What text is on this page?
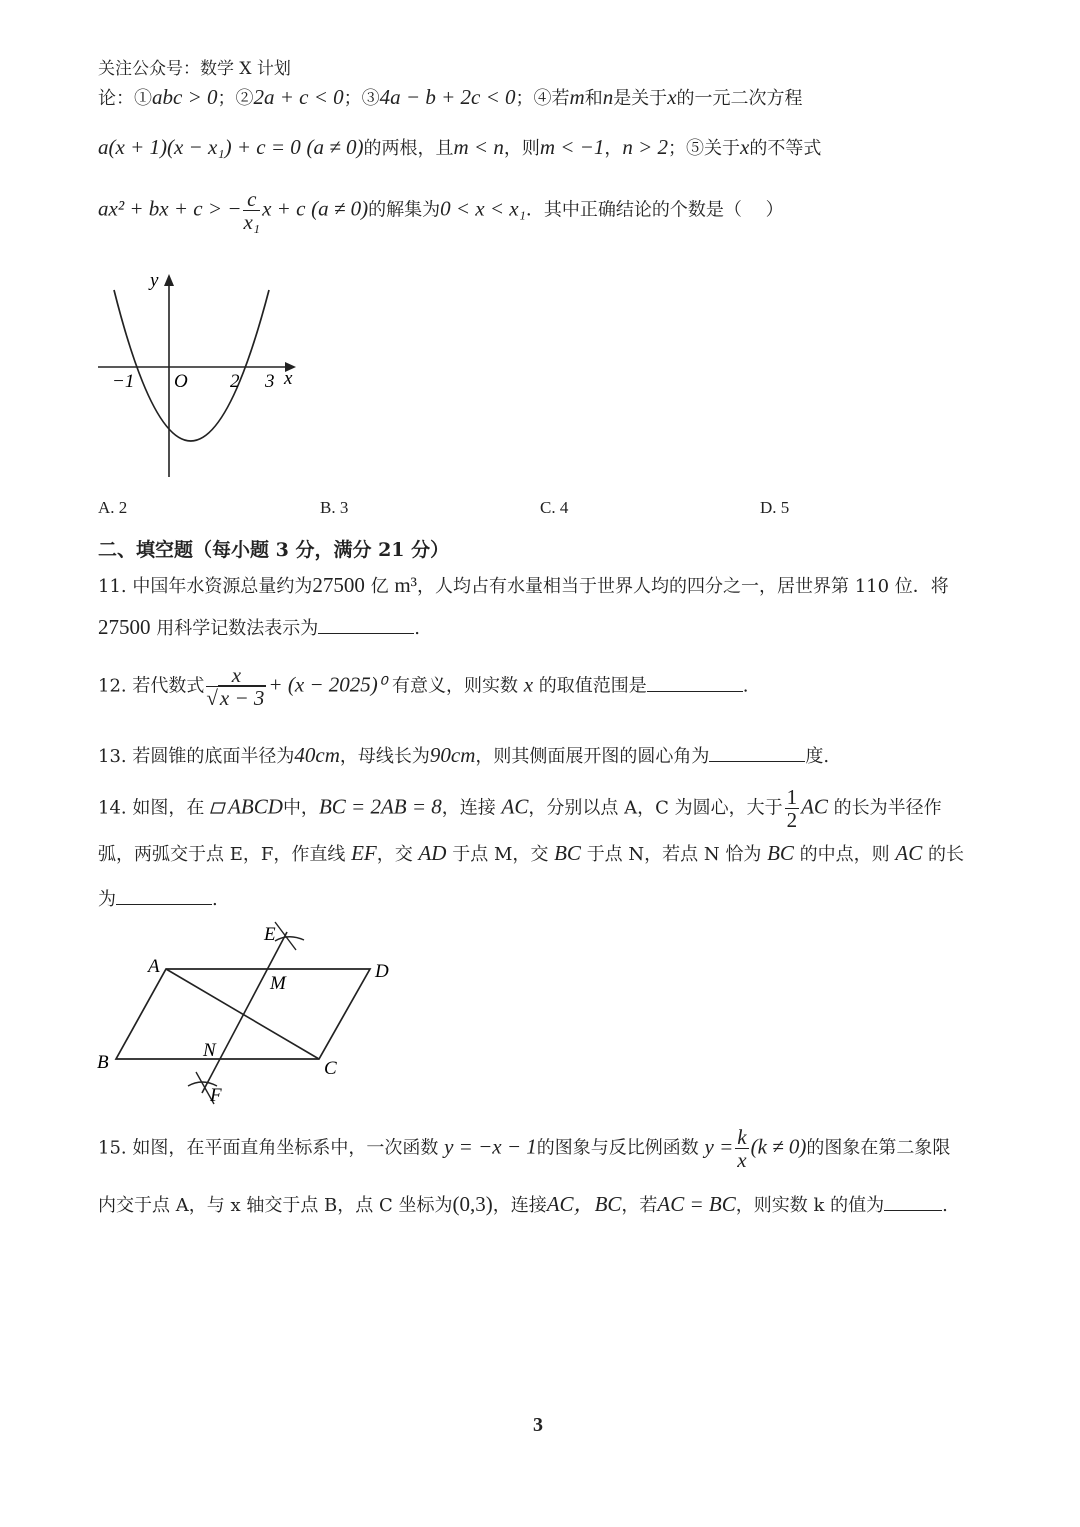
关注公众号：数学 X 计划
论：①abc > 0；②2a + c < 0；③4a − b + 2c < 0；④若m和n是关于x的一元二次方程
a(x + 1)(x − x₁) + c = 0 (a ≠ 0)的两根，且m < n，则m < −1，n > 2；⑤关于x的不等式
ax² + bx + c > − $\frac{c}{\text{x₁}}$ x + c (a ≠ 0)的解集为0 < x < x₁．其中正确结论的个数是（　 ）
y
x
O
−1	2 3
A. 2	B. 3	C. 4	D. 5
二、填空题（每小题 3 分，满分 21 分）
11. 中国年水资源总量约为27500 亿 m³，人均占有水量相当于世界人均的四分之一，居世界第 110 位．将
27500 用科学记数法表示为	.
12. 若代数式 $\frac{x}{√x - 3} + (x - 2025)^0$ 有意义，则实数 x 的取值范围是	.
13. 若圆锥的底面半径为40cm，母线长为90cm，则其侧面展开图的圆心角为	度.
14. 如图，在 ABCD中，BC = 2AB = 8，连接 AC，分别以点 A，C 为圆心，大于 $\frac{1}{2}$ AC 的长为半径作
弧，两弧交于点 E，F，作直线 EF，交 AD 于点 M，交 BC 于点 N，若点 N 恰为 BC 的中点，则 AC 的长
为	.
A	D
B	C
E
F
M
N
15. 如图，在平面直角坐标系中，一次函数 y = −x − 1的图象与反比例函数 $y = \frac{k}{x} (k \ne 0)$的图象在第二象限
内交于点 A，与 x 轴交于点 B，点 C 坐标为(0,3)，连接AC，BC，若AC = BC，则实数 k 的值为	.
3
